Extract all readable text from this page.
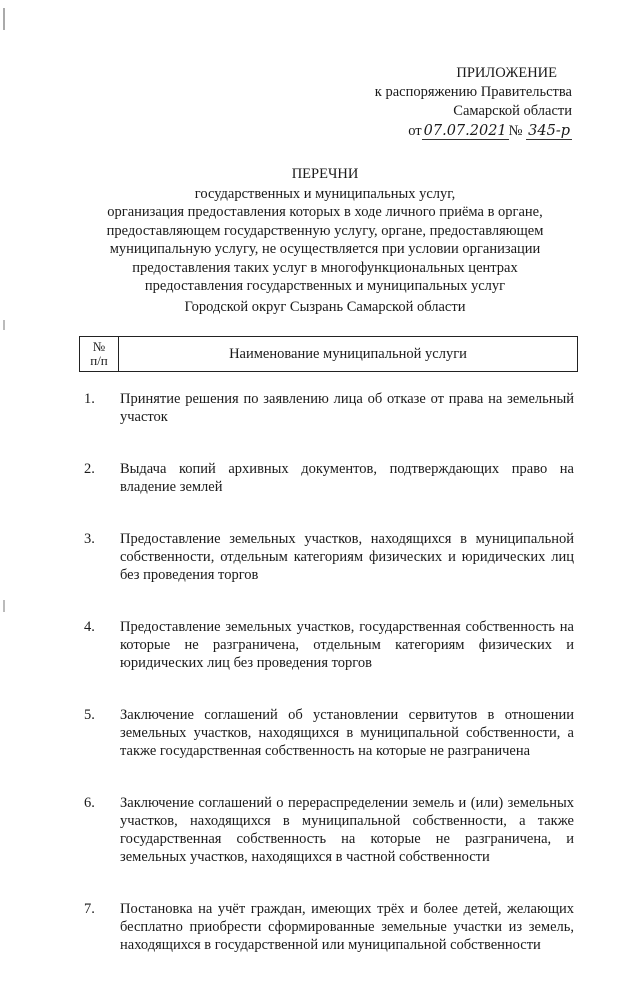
ПРИЛОЖЕНИЕ
к распоряжению Правительства
Самарской области
от 07.07.2021 № 345-р
ПЕРЕЧНИ
государственных и муниципальных услуг,
организация предоставления которых в ходе личного приёма в органе,
предоставляющем государственную услугу, органе, предоставляющем
муниципальную услугу, не осуществляется при условии организации
предоставления таких услуг в многофункциональных центрах
предоставления государственных и муниципальных услуг
Городской округ Сызрань Самарской области
№
п/п	Наименование муниципальной услуги
1.	Принятие решения по заявлению лица об отказе от права на земельный участок
2.	Выдача копий архивных документов, подтверждающих право на владение землей
3.	Предоставление земельных участков, находящихся в муниципальной собственности, отдельным категориям физических и юридических лиц без проведения торгов
4.	Предоставление земельных участков, государственная собственность на которые не разграничена, отдельным категориям физических и юридических лиц без проведения торгов
5.	Заключение соглашений об установлении сервитутов в отношении земельных участков, находящихся в муниципальной собственности, а также государственная собственность на которые не разграничена
6.	Заключение соглашений о перераспределении земель и (или) земельных участков, находящихся в муниципальной собственности, а также государственная собственность на которые не разграничена, и земельных участков, находящихся в частной собственности
7.	Постановка на учёт граждан, имеющих трёх и более детей, желающих бесплатно приобрести сформированные земельные участки из земель, находящихся в государственной или муниципальной собственности
